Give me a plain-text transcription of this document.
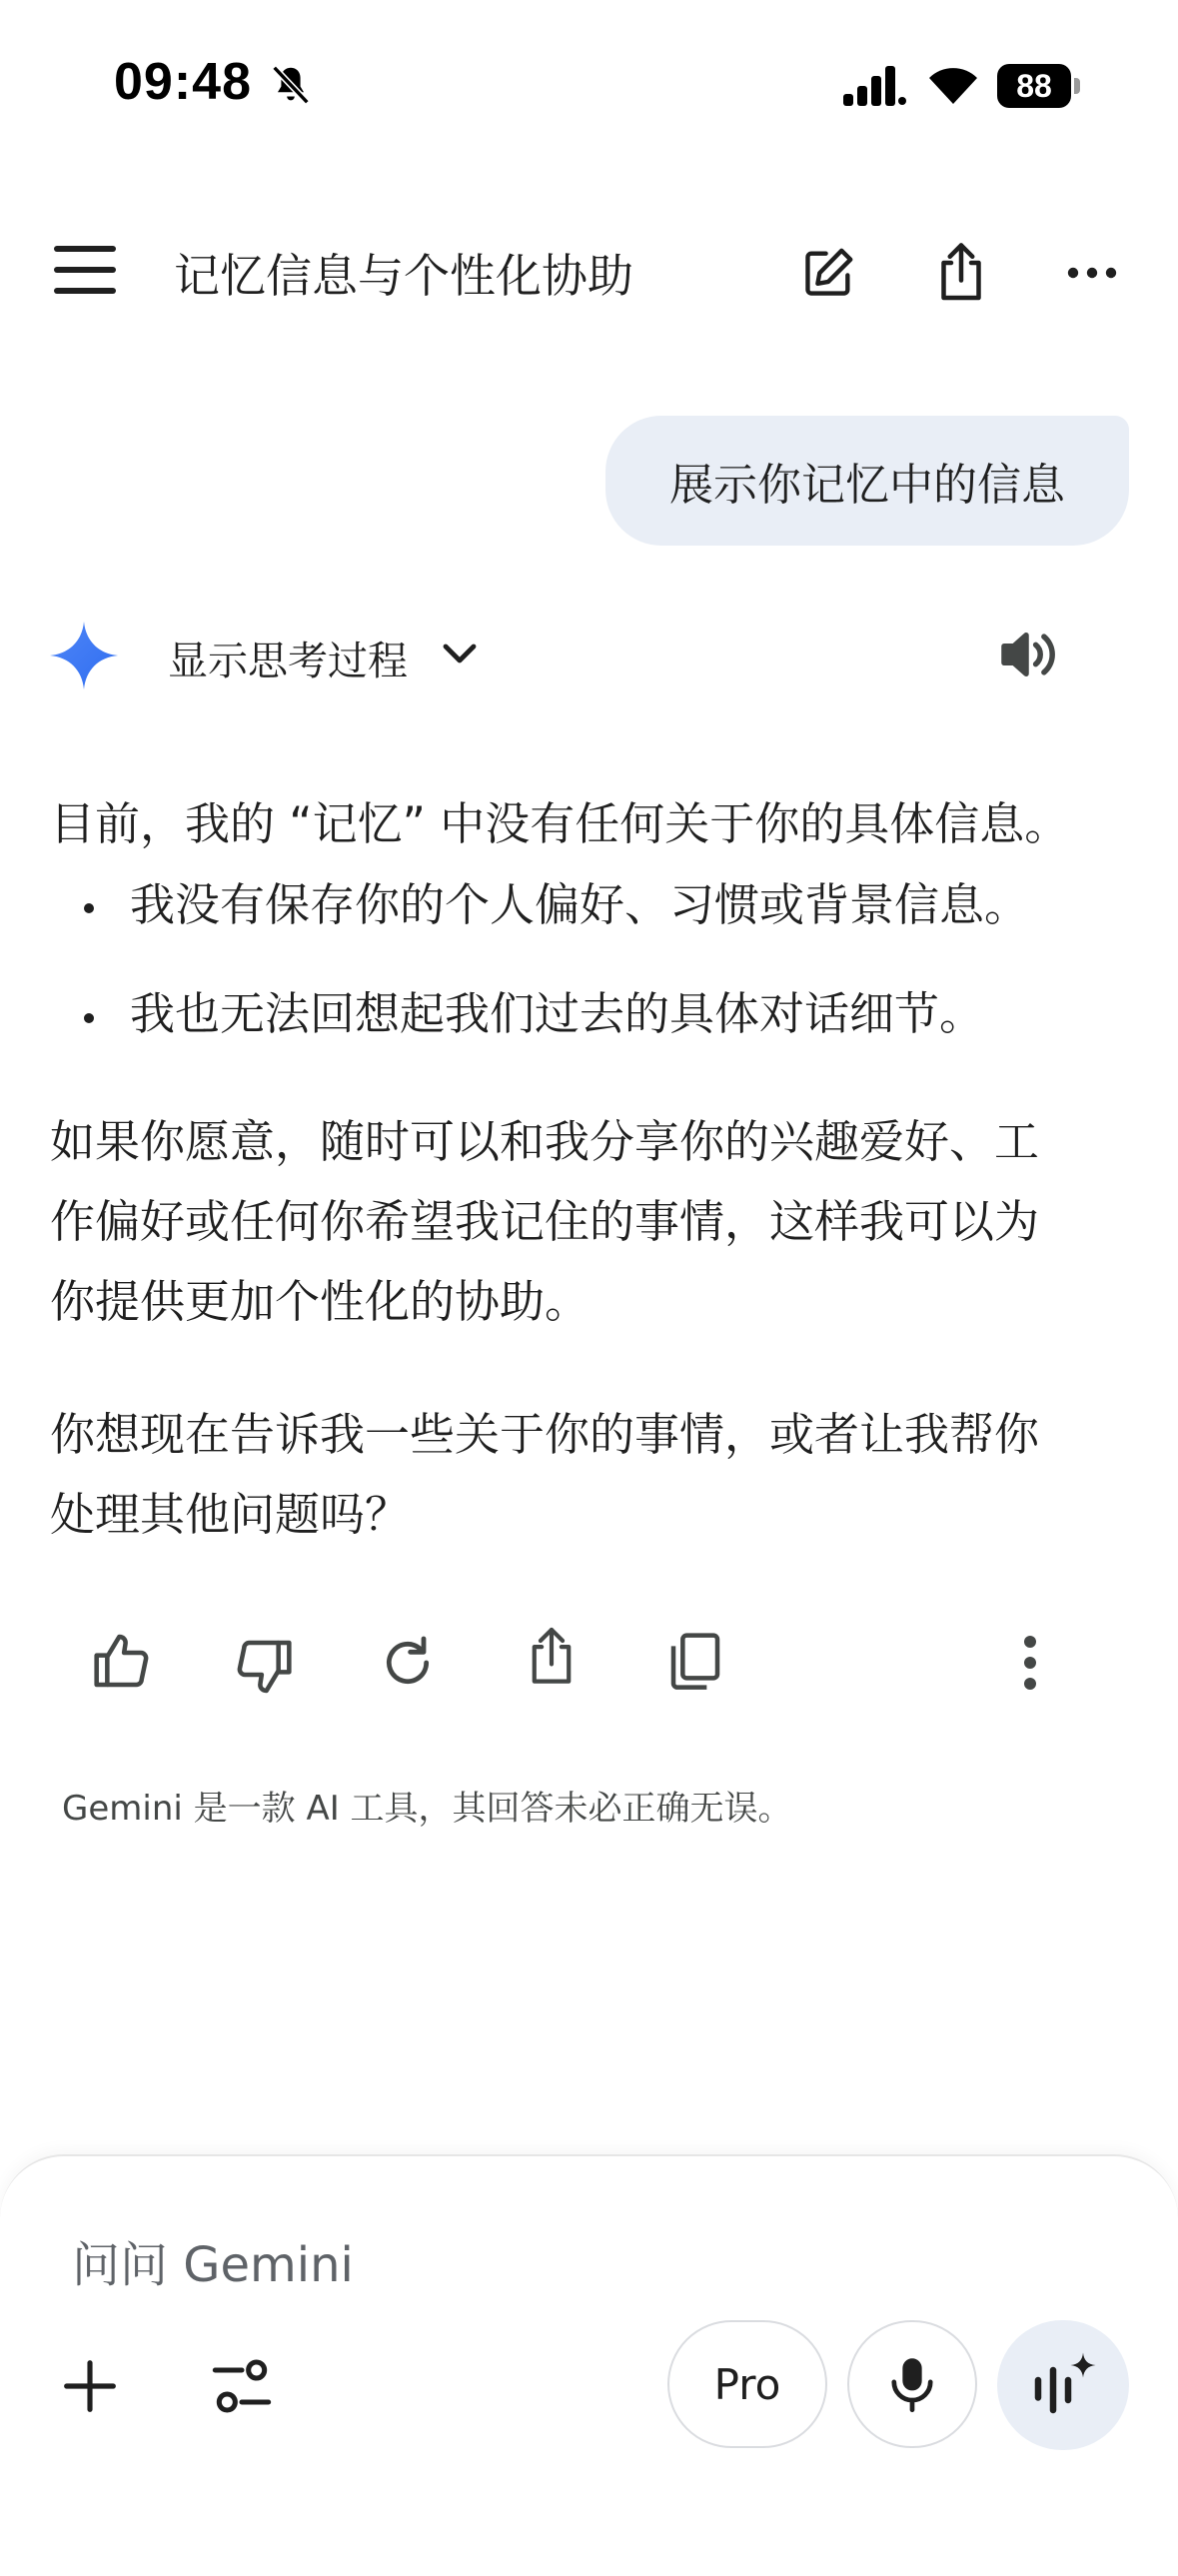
09:48	88
记忆信息与个性化协助
展示你记忆中的信息
显示思考过程
目前，我的 “记忆” 中没有任何关于你的具体信息。
我没有保存你的个人偏好、习惯或背景信息。
我也无法回想起我们过去的具体对话细节。
如果你愿意，随时可以和我分享你的兴趣爱好、工
作偏好或任何你希望我记住的事情，这样我可以为
你提供更加个性化的协助。
你想现在告诉我一些关于你的事情，或者让我帮你
处理其他问题吗？
Gemini 是一款 AI 工具，其回答未必正确无误。
问问 Gemini
Pro
